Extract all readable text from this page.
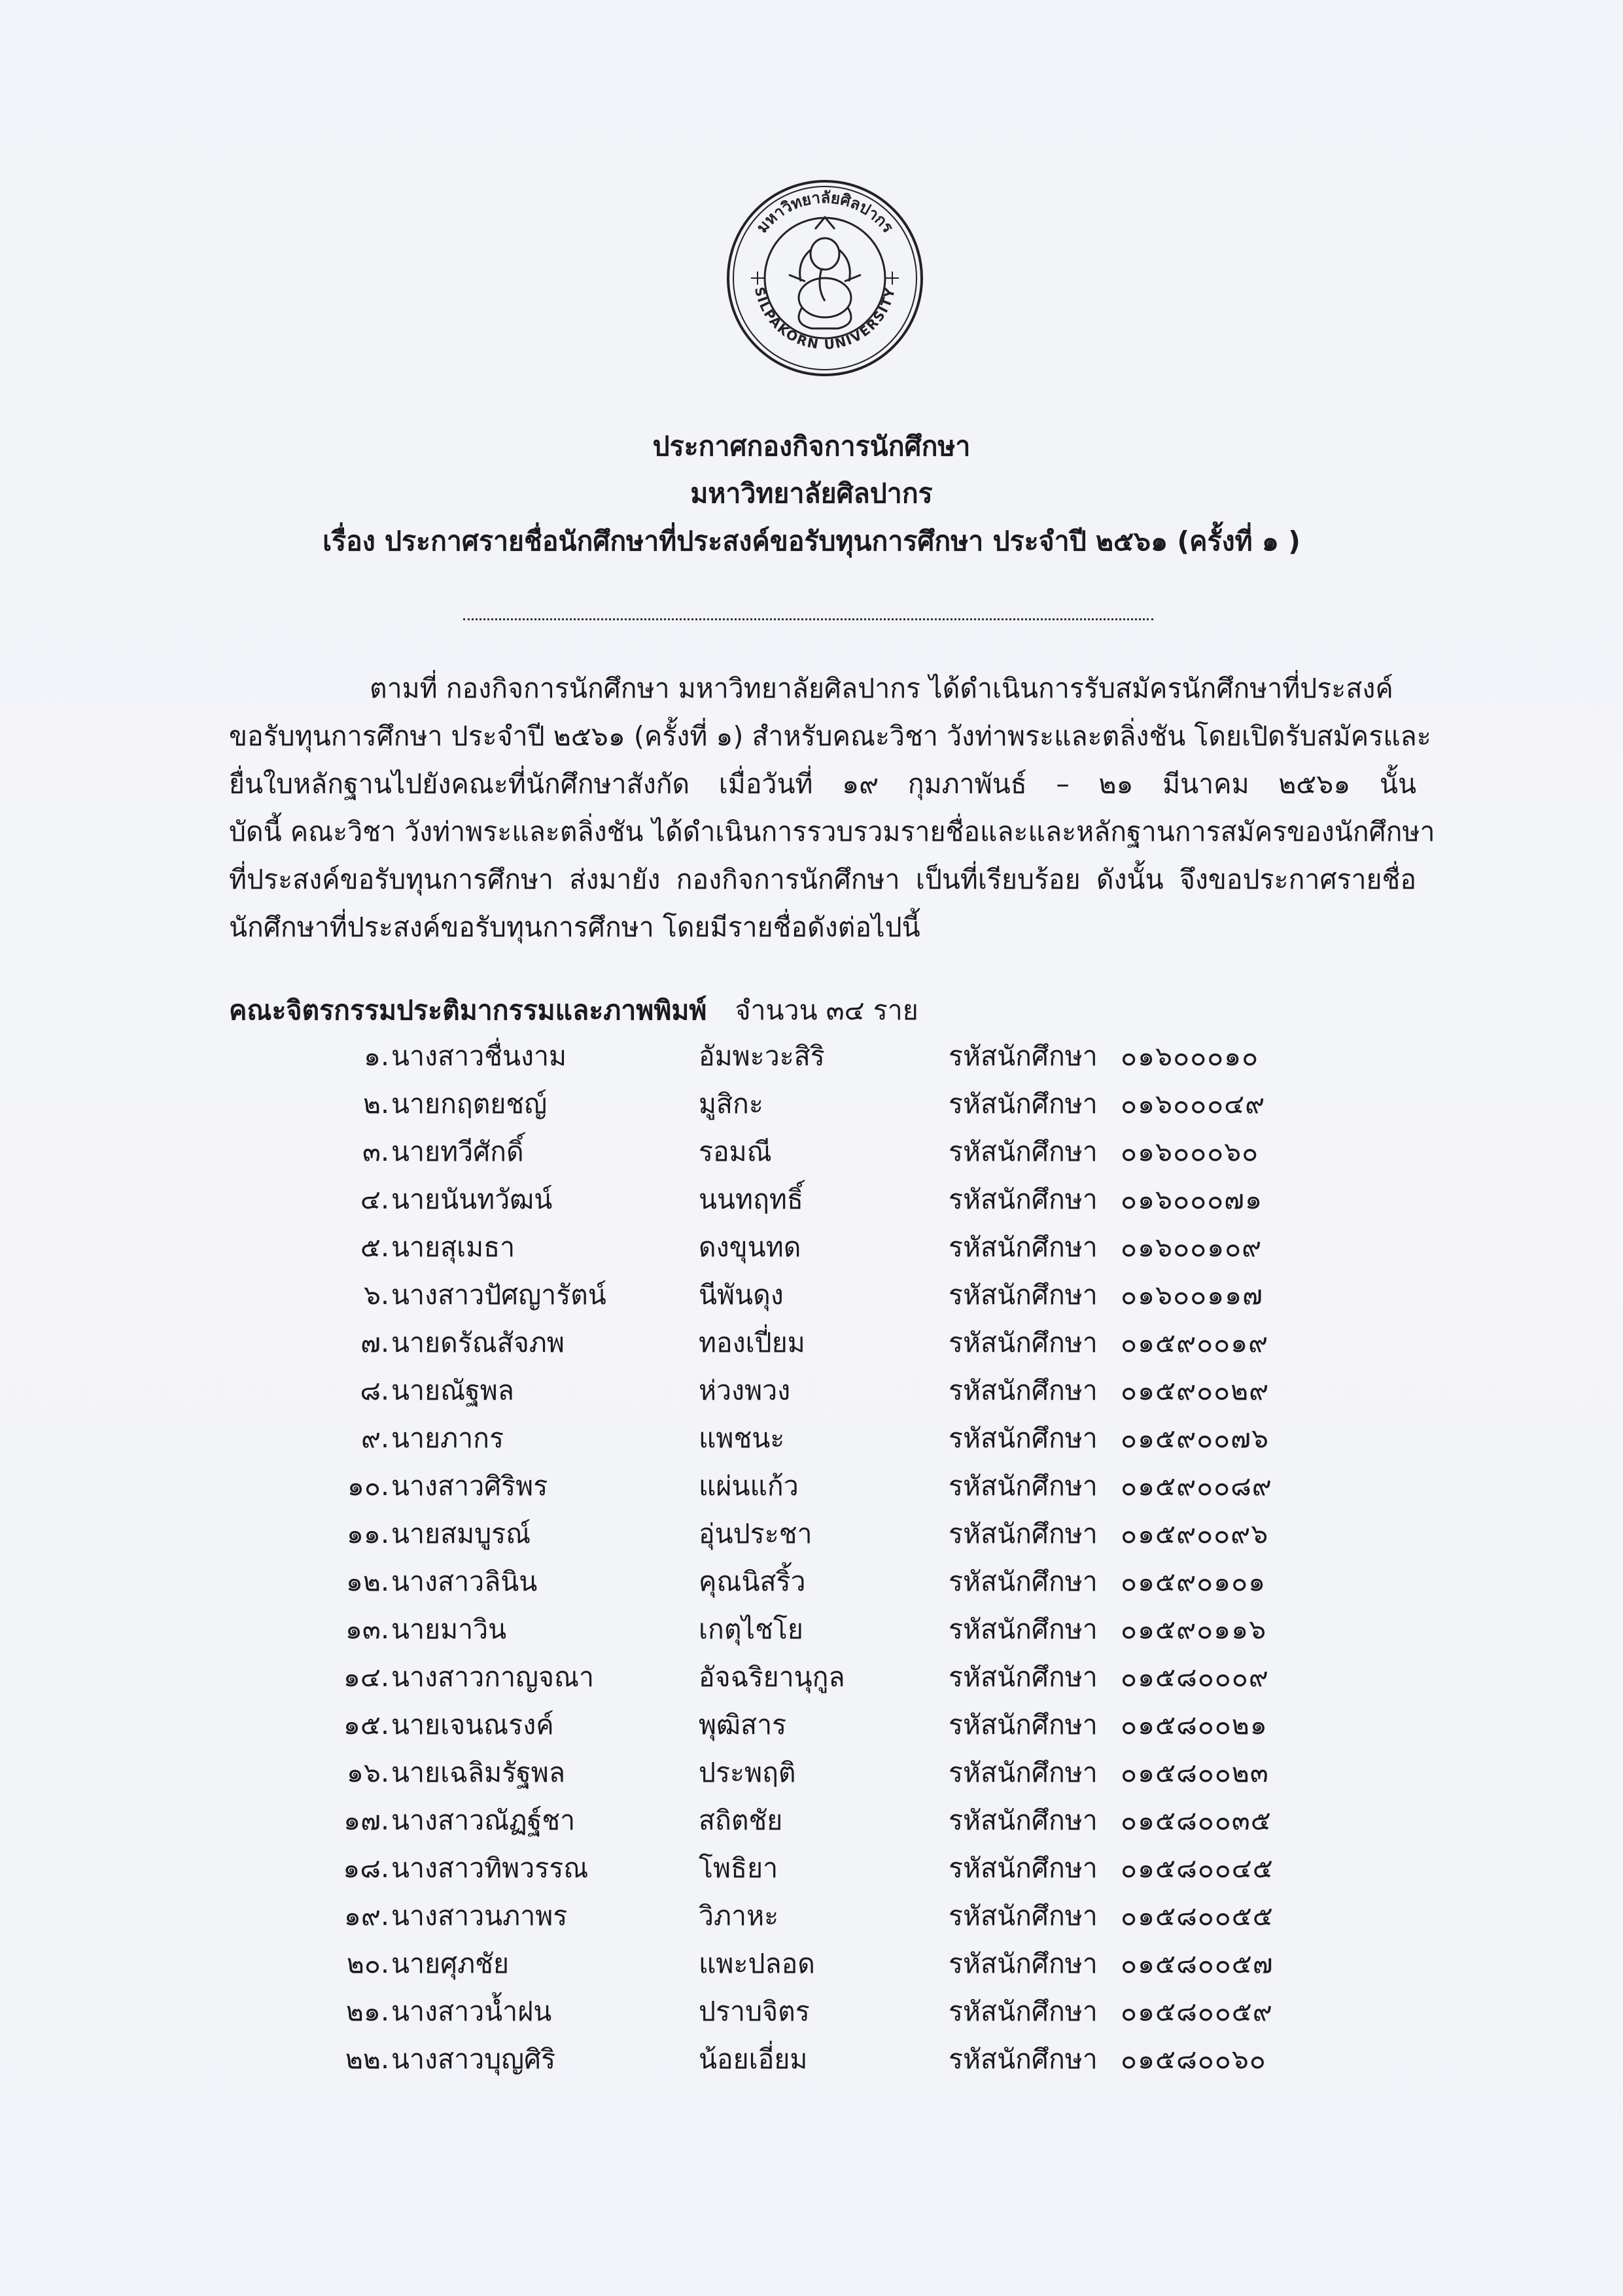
มหาวิทยาลัยศิลปากร
SILPAKORN UNIVERSITY
ประกาศกองกิจการนักศึกษา
มหาวิทยาลัยศิลปากร
เรื่อง ประกาศรายชื่อนักศึกษาที่ประสงค์ขอรับทุนการศึกษา ประจำปี ๒๕๖๑ (ครั้งที่ ๑ )
ตามที่ กองกิจการนักศึกษา มหาวิทยาลัยศิลปากร ได้ดำเนินการรับสมัครนักศึกษาที่ประสงค์
ขอรับทุนการศึกษา ประจำปี ๒๕๖๑ (ครั้งที่ ๑) สำหรับคณะวิชา วังท่าพระและตลิ่งชัน โดยเปิดรับสมัครและ
ยื่นใบหลักฐานไปยังคณะที่นักศึกษาสังกัด เมื่อวันที่ ๑๙ กุมภาพันธ์ – ๒๑ มีนาคม ๒๕๖๑ นั้น
บัดนี้ คณะวิชา วังท่าพระและตลิ่งชัน ได้ดำเนินการรวบรวมรายชื่อและและหลักฐานการสมัครของนักศึกษา
ที่ประสงค์ขอรับทุนการศึกษา ส่งมายัง กองกิจการนักศึกษา เป็นที่เรียบร้อย ดังนั้น จึงขอประกาศรายชื่อ
นักศึกษาที่ประสงค์ขอรับทุนการศึกษา โดยมีรายชื่อดังต่อไปนี้
คณะจิตรกรรมประติมากรรมและภาพพิมพ์ จำนวน ๓๔ ราย
๑. นางสาวชื่นงาม	อัมพะวะสิริ	รหัสนักศึกษา ๐๑๖๐๐๐๑๐
๒. นายกฤตยชญ์	มูสิกะ	รหัสนักศึกษา ๐๑๖๐๐๐๔๙
๓. นายทวีศักดิ์	รอมณี	รหัสนักศึกษา ๐๑๖๐๐๐๖๐
๔. นายนันทวัฒน์	นนทฤทธิ์	รหัสนักศึกษา ๐๑๖๐๐๐๗๑
๕. นายสุเมธา	ดงขุนทด	รหัสนักศึกษา ๐๑๖๐๐๑๐๙
๖. นางสาวปัศญารัตน์	นีพันดุง	รหัสนักศึกษา ๐๑๖๐๐๑๑๗
๗. นายดรัณสัจภพ	ทองเปี่ยม	รหัสนักศึกษา ๐๑๕๙๐๐๑๙
๘. นายณัฐพล	ห่วงพวง	รหัสนักศึกษา ๐๑๕๙๐๐๒๙
๙. นายภากร	แพชนะ	รหัสนักศึกษา ๐๑๕๙๐๐๗๖
๑๐. นางสาวศิริพร	แผ่นแก้ว	รหัสนักศึกษา ๐๑๕๙๐๐๘๙
๑๑. นายสมบูรณ์	อุ่นประชา	รหัสนักศึกษา ๐๑๕๙๐๐๙๖
๑๒. นางสาวลินิน	คุณนิสริ้ว	รหัสนักศึกษา ๐๑๕๙๐๑๐๑
๑๓. นายมาวิน	เกตุไชโย	รหัสนักศึกษา ๐๑๕๙๐๑๑๖
๑๔. นางสาวกาญจณา	อัจฉริยานุกูล	รหัสนักศึกษา ๐๑๕๘๐๐๐๙
๑๕. นายเจนณรงค์	พุฒิสาร	รหัสนักศึกษา ๐๑๕๘๐๐๒๑
๑๖. นายเฉลิมรัฐพล	ประพฤติ	รหัสนักศึกษา ๐๑๕๘๐๐๒๓
๑๗. นางสาวณัฏฐ์ชา	สถิตชัย	รหัสนักศึกษา ๐๑๕๘๐๐๓๕
๑๘. นางสาวทิพวรรณ	โพธิยา	รหัสนักศึกษา ๐๑๕๘๐๐๔๕
๑๙. นางสาวนภาพร	วิภาหะ	รหัสนักศึกษา ๐๑๕๘๐๐๕๕
๒๐. นายศุภชัย	แพะปลอด	รหัสนักศึกษา ๐๑๕๘๐๐๕๗
๒๑. นางสาวน้ำฝน	ปราบจิตร	รหัสนักศึกษา ๐๑๕๘๐๐๕๙
๒๒. นางสาวบุญศิริ	น้อยเอี่ยม	รหัสนักศึกษา ๐๑๕๘๐๐๖๐
